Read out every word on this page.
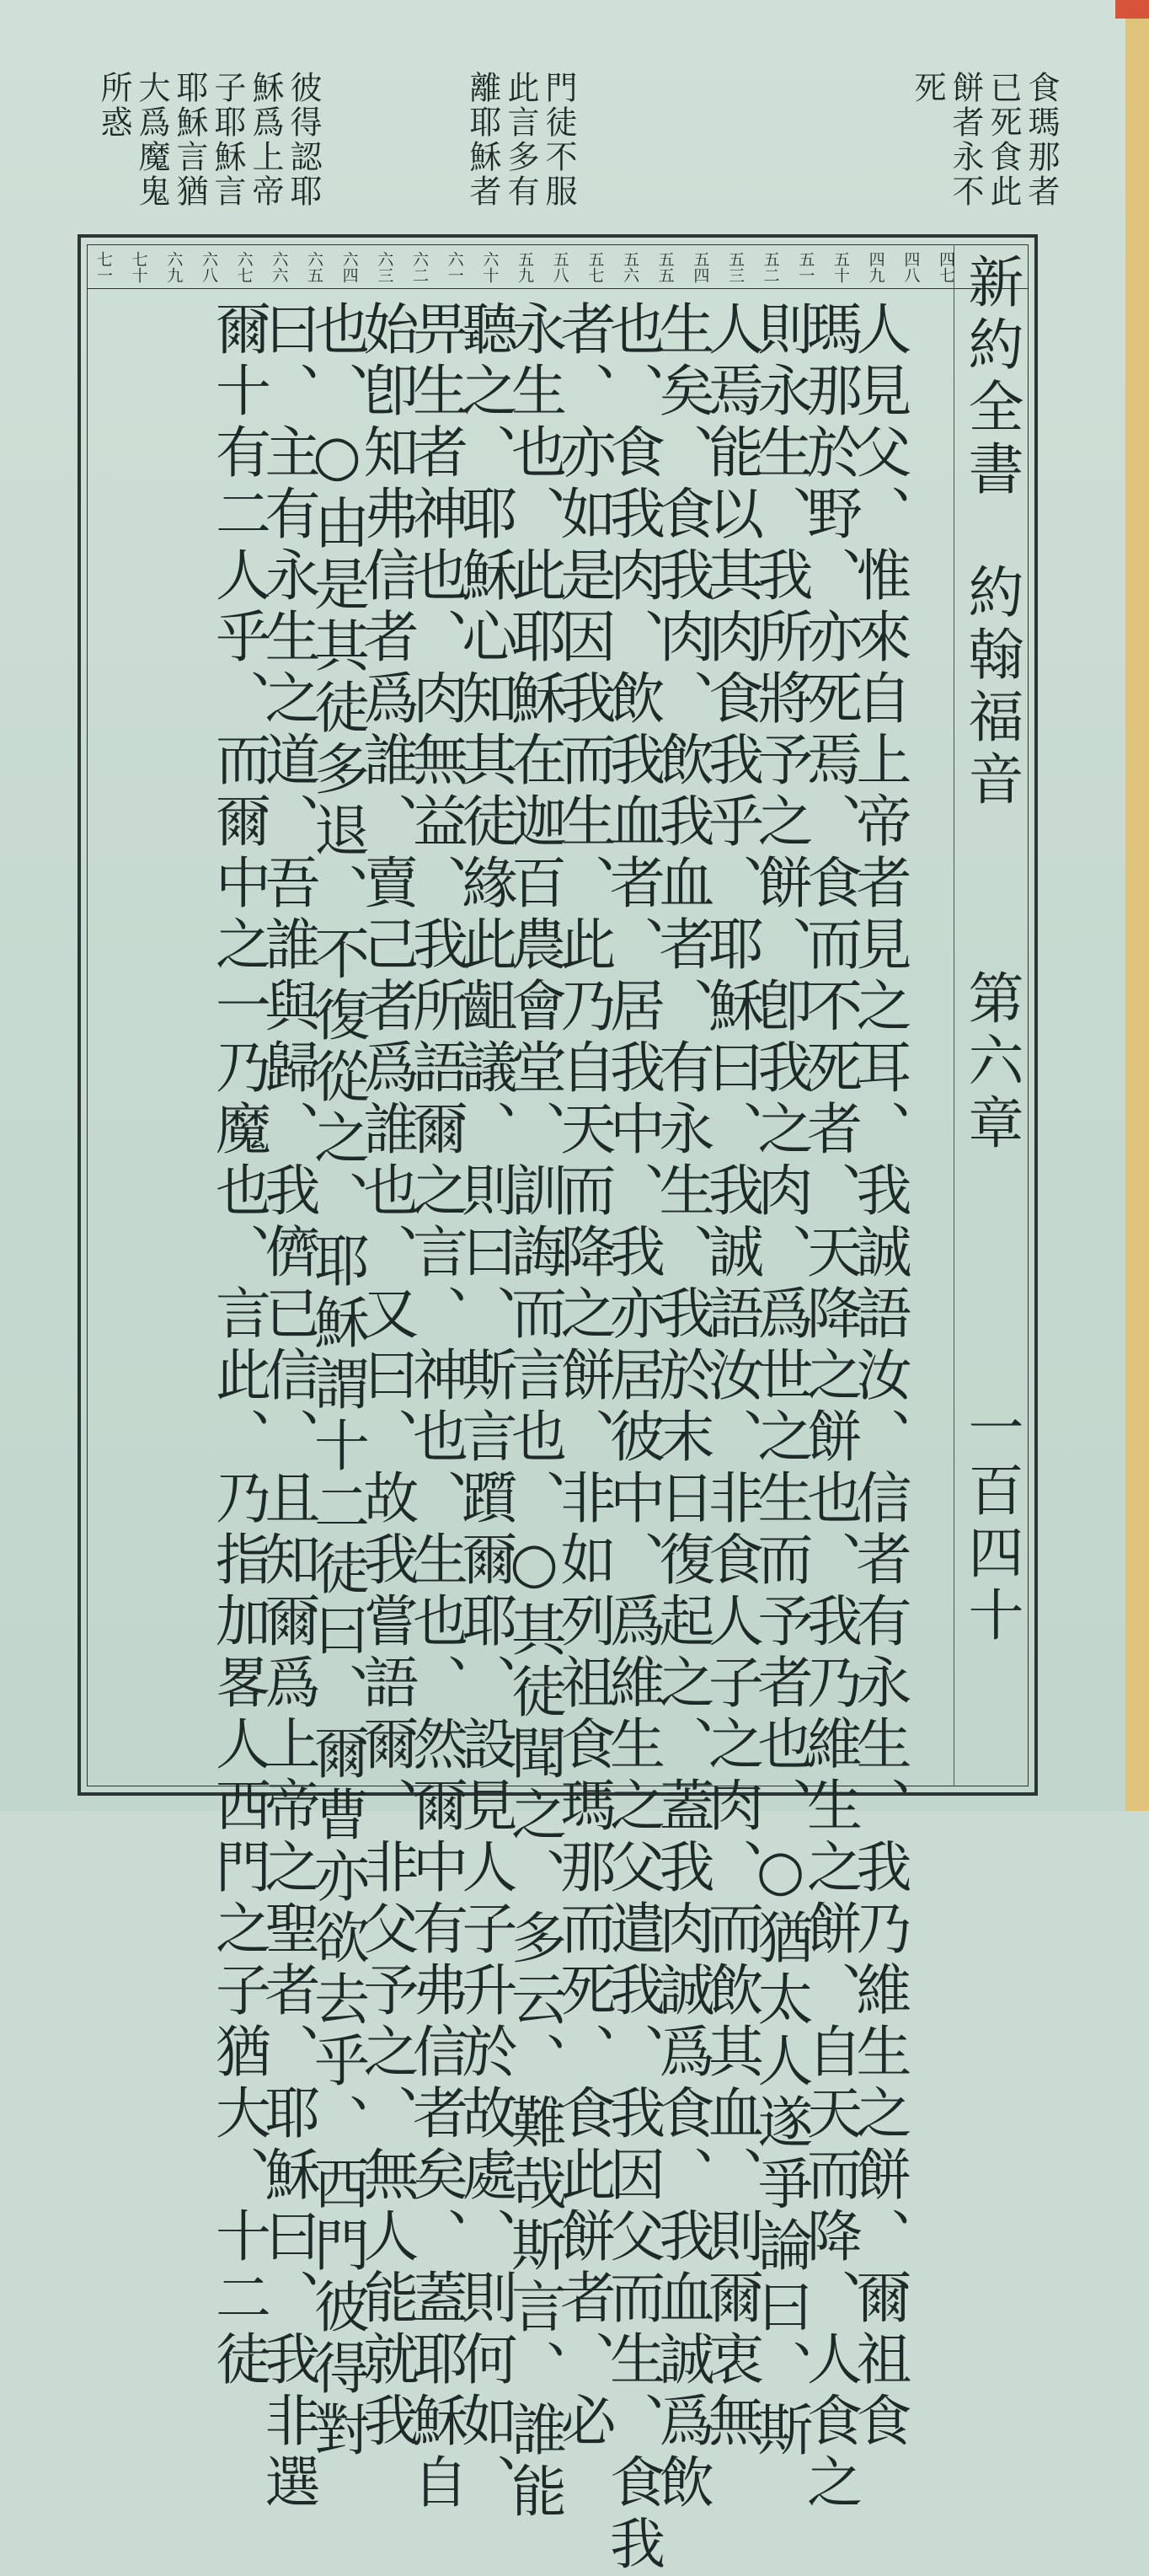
食瑪那者
已死食此
餅者永不
死
門徒不服
此言多有
離耶穌者
彼得認耶
穌爲上帝
子耶穌言
耶穌言猶
大爲魔鬼
所惑
新約全書
約翰福音
第六章
一百四十
四七
四八
四九
五十
五一
五二
五三
五四
五五
五六
五七
五八
五九
六十
六一
六二
六三
六四
六五
六六
六七
六八
六九
七十
七一
人見父、惟來自上帝者見之耳、我誠語汝、信者有永生、我乃維生之餅、爾祖食
瑪那於野、亦死焉、食而不死者、天降之餅也、我乃維生之餅、自天而降、人食之
則永生、我所將予之餅、卽我之肉、爲世之生而予者也、○猶太人遂爭論曰、斯
人焉能以其肉食我乎、耶穌曰、我誠語汝、非食人子之肉、而飲其血、則爾衷無
生矣、食我肉、飲我血者、有永生、我於末日復起之、蓋我肉誠爲食、我血誠爲飲
也、食我肉、飲我血者、居我中、我亦居彼中、爲維生之父遣我、我因父而生、食我
者、亦如是因我而生、此乃自天而降之餅、非如列祖食瑪那而死、食此餅者、必
永生也、此耶穌在迦百農會堂、訓誨而言也、○其徒聞之、多云、難哉斯言、誰能
聽之、耶穌心知其徒緣此齟議、則曰、斯言躓爾耶、設見人子升於故處、則何如、
畀生者神也、肉無益、我所語爾之言、神也、生也、然爾中有弗信者矣、蓋耶穌自
始卽知弗信者爲誰、賣己者爲誰也、又曰、故我嘗語爾、非父予之、無人能就我
也、○由是其徒多退、不復從之、耶穌謂十二徒曰、爾曹亦欲去乎、西門彼得對
曰、主有永生之道、吾誰與歸、我儕已信、且知爾爲上帝之聖者、耶穌曰、我非選
爾十有二人乎、而爾中之一乃魔也、言此、乃指加畧人西門之子猶大、十二徒
